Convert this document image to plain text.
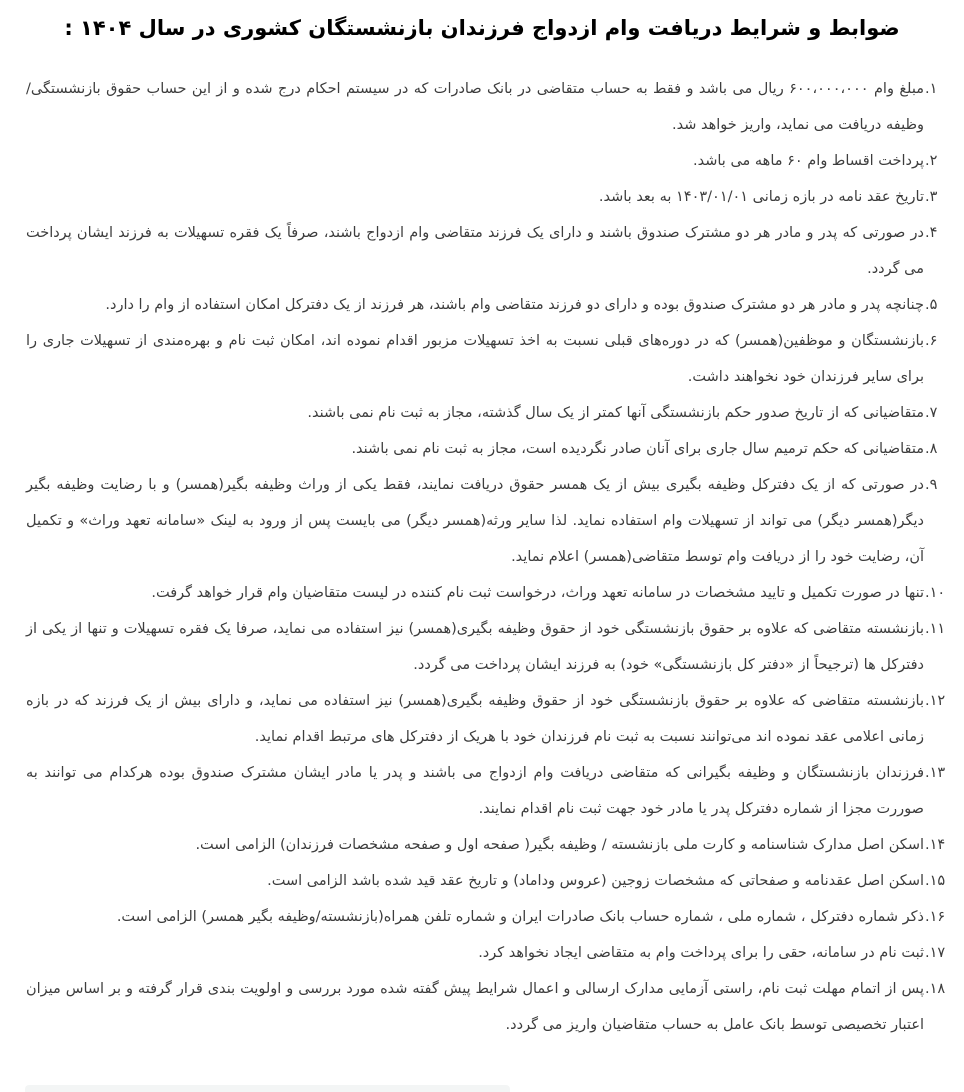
ضوابط و شرایط دریافت وام ازدواج فرزندان بازنشستگان کشوری در سال ۱۴۰۴ :
۱.
مبلغ وام ۶۰۰،۰۰۰،۰۰۰ ریال می باشد و فقط به حساب متقاضی در بانک صادرات که در سیستم احکام درج شده و از این حساب حقوق بازنشستگی/ وظیفه دریافت می نماید، واریز خواهد شد.
۲.
پرداخت اقساط وام ۶۰ ماهه می باشد.
۳.
تاریخ عقد نامه در بازه زمانی ۱۴۰۳/۰۱/۰۱ به بعد باشد.
۴.
در صورتی که پدر و مادر هر دو مشترک صندوق باشند و دارای یک فرزند متقاضی وام ازدواج باشند، صرفاً یک فقره تسهیلات به فرزند ایشان پرداخت می گردد.
۵.
چنانچه پدر و مادر هر دو مشترک صندوق بوده و دارای دو فرزند متقاضی وام باشند، هر فرزند از یک دفترکل امکان استفاده از وام را دارد.
۶.
بازنشستگان و موظفین(همسر) که در دوره‌های قبلی نسبت به اخذ تسهیلات مزبور اقدام نموده اند، امکان ثبت نام و بهره‌مندی از تسهیلات جاری را برای سایر فرزندان خود نخواهند داشت.
۷.
متقاضیانی که از تاریخ صدور حکم بازنشستگی آنها کمتر از یک سال گذشته، مجاز به ثبت نام نمی باشند.
۸.
متقاضیانی که حکم ترمیم سال جاری برای آنان صادر نگردیده است، مجاز به ثبت نام نمی باشند.
۹.
در صورتی که از یک دفترکل وظیفه بگیری بیش از یک همسر حقوق دریافت نمایند، فقط یکی از وراث وظیفه بگیر(همسر) و با رضایت وظیفه بگیر دیگر(همسر دیگر) می تواند از تسهیلات وام استفاده نماید. لذا سایر ورثه(همسر دیگر) می بایست پس از ورود به لینک «سامانه تعهد وراث» و تکمیل آن، رضایت خود را از دریافت وام توسط متقاضی(همسر) اعلام نماید.
۱۰.
تنها در صورت تکمیل و تایید مشخصات در سامانه تعهد وراث، درخواست ثبت نام کننده در لیست متقاضیان وام قرار خواهد گرفت.
۱۱.
بازنشسته متقاضی که علاوه بر حقوق بازنشستگی خود از حقوق وظیفه بگیری(همسر) نیز استفاده می نماید، صرفا یک فقره تسهیلات و تنها از یکی از دفترکل ها (ترجیحاً از «دفتر کل بازنشستگی» خود) به فرزند ایشان پرداخت می گردد.
۱۲.
بازنشسته متقاضی که علاوه بر حقوق بازنشستگی خود از حقوق وظیفه بگیری(همسر) نیز استفاده می نماید، و دارای بیش از یک فرزند که در بازه زمانی اعلامی عقد نموده اند می‌توانند نسبت به ثبت نام فرزندان خود با هریک از دفترکل های مرتبط اقدام نماید.
۱۳.
فرزندان بازنشستگان و وظیفه بگیرانی که متقاضی دریافت وام ازدواج می باشند و پدر یا مادر ایشان مشترک صندوق بوده هرکدام می توانند به صوررت مجزا از شماره دفترکل پدر یا مادر خود جهت ثبت نام اقدام نمایند.
۱۴.
اسکن اصل مدارک شناسنامه و کارت ملی بازنشسته / وظیفه بگیر( صفحه اول و صفحه مشخصات فرزندان) الزامی است.
۱۵.
اسکن اصل عقدنامه و صفحاتی که مشخصات زوجین (عروس وداماد) و تاریخ عقد قید شده باشد الزامی است.
۱۶.
ذکر شماره دفترکل ، شماره ملی ، شماره حساب بانک صادرات ایران و شماره تلفن همراه(بازنشسته/وظیفه بگیر همسر) الزامی است.
۱۷.
ثبت نام در سامانه، حقی را برای پرداخت وام به متقاضی ایجاد نخواهد کرد.
۱۸.
پس از اتمام مهلت ثبت نام، راستی آزمایی مدارک ارسالی و اعمال شرایط پیش گفته شده مورد بررسی و اولویت بندی قرار گرفته و بر اساس میزان اعتبار تخصیصی توسط بانک عامل به حساب متقاضیان واریز می گردد.
